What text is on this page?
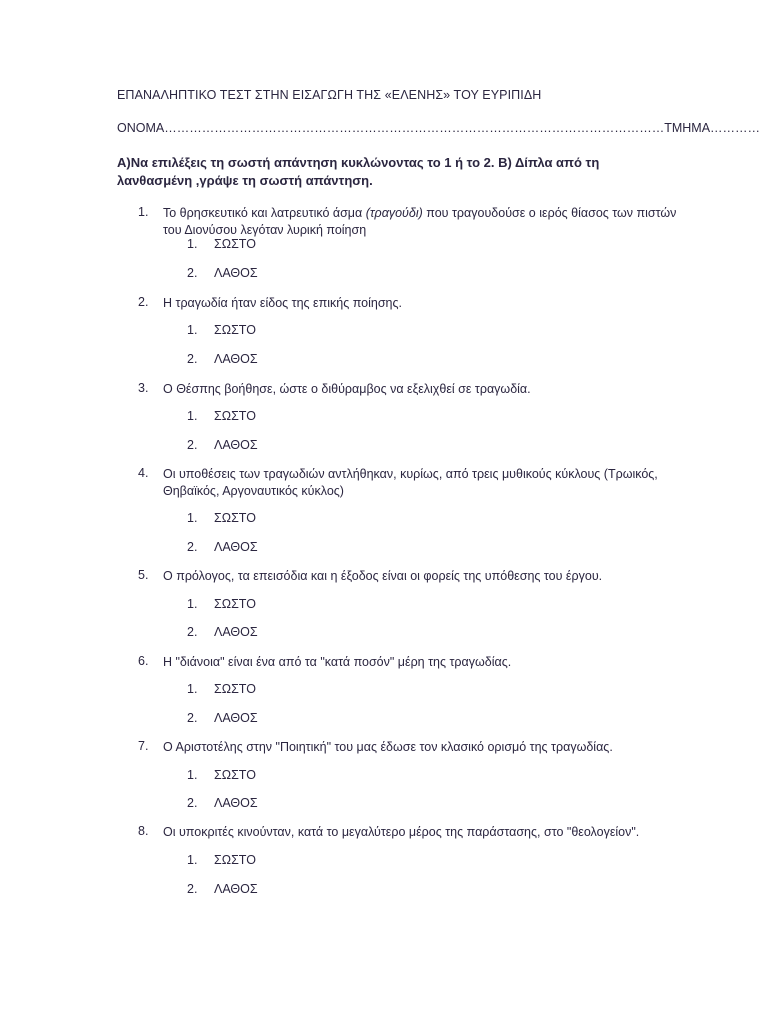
ΕΠΑΝΑΛΗΠΤΙΚΟ ΤΕΣΤ ΣΤΗΝ ΕΙΣΑΓΩΓΗ ΤΗΣ «ΕΛΕΝΗΣ» ΤΟΥ ΕΥΡΙΠΙΔΗ
ΟΝΟΜΑ…………………………………………………………………………………………………………ΤΜΗΜΑ…………
Α)Να επιλέξεις τη σωστή απάντηση κυκλώνοντας το 1 ή το 2. Β) Δίπλα από τη λανθασμένη ,γράψε τη σωστή απάντηση.
1. Το θρησκευτικό και λατρευτικό άσμα (τραγούδι) που τραγουδούσε ο ιερός θίασος των πιστών του Διονύσου λεγόταν λυρική ποίηση
1. ΣΩΣΤΟ
2. ΛΑΘΟΣ
2. Η τραγωδία ήταν είδος της επικής ποίησης.
1. ΣΩΣΤΟ
2. ΛΑΘΟΣ
3. Ο Θέσπης βοήθησε, ώστε ο διθύραμβος να εξελιχθεί σε τραγωδία.
1. ΣΩΣΤΟ
2. ΛΑΘΟΣ
4. Οι υποθέσεις των τραγωδιών αντλήθηκαν, κυρίως, από τρεις μυθικούς κύκλους (Τρωικός, Θηβαϊκός, Αργοναυτικός κύκλος)
1. ΣΩΣΤΟ
2. ΛΑΘΟΣ
5. Ο πρόλογος, τα επεισόδια και η έξοδος είναι οι φορείς της υπόθεσης του έργου.
1. ΣΩΣΤΟ
2. ΛΑΘΟΣ
6. Η "διάνοια" είναι ένα από τα "κατά ποσόν" μέρη της τραγωδίας.
1. ΣΩΣΤΟ
2. ΛΑΘΟΣ
7. Ο Αριστοτέλης στην "Ποιητική" του μας έδωσε τον κλασικό ορισμό της τραγωδίας.
1. ΣΩΣΤΟ
2. ΛΑΘΟΣ
8. Οι υποκριτές κινούνταν, κατά το μεγαλύτερο μέρος της παράστασης, στο "θεολογείον".
1. ΣΩΣΤΟ
2. ΛΑΘΟΣ
